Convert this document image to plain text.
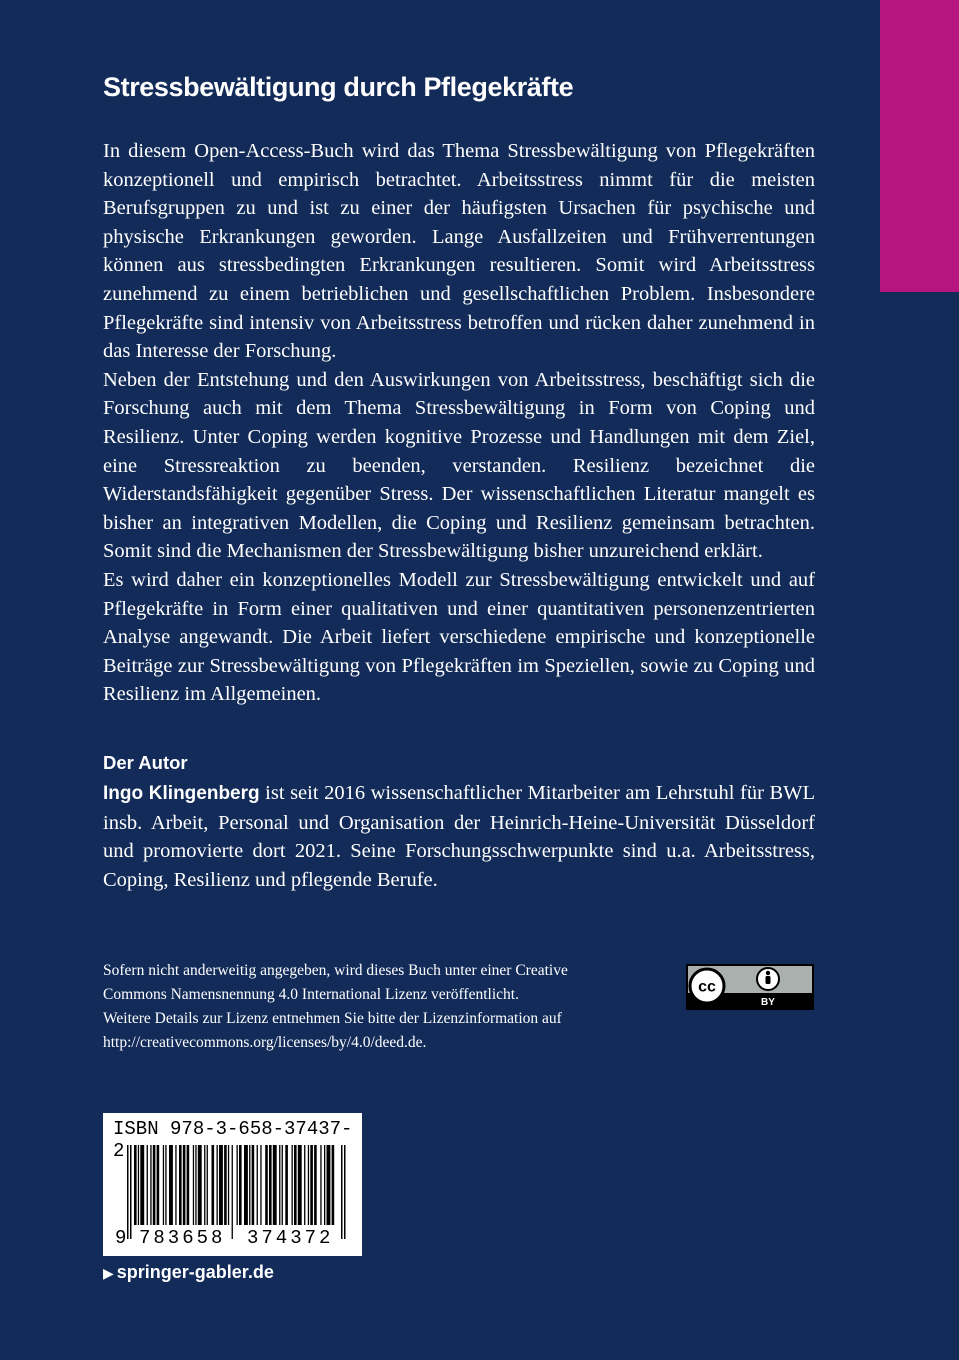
Stressbewältigung durch Pflegekräfte

In diesem Open-Access-Buch wird das Thema Stressbewältigung von Pflegekräften konzeptionell und empirisch betrachtet. Arbeitsstress nimmt für die meisten Berufsgruppen zu und ist zu einer der häufigsten Ursachen für psychische und physische Erkrankungen geworden. Lange Ausfallzeiten und Frühverrentungen können aus stressbedingten Erkrankungen resultieren. Somit wird Arbeitsstress zunehmend zu einem betrieblichen und gesellschaftlichen Problem. Insbesondere Pflegekräfte sind intensiv von Arbeitsstress betroffen und rücken daher zunehmend in das Interesse der Forschung.

Neben der Entstehung und den Auswirkungen von Arbeitsstress, beschäftigt sich die Forschung auch mit dem Thema Stressbewältigung in Form von Coping und Resilienz. Unter Coping werden kognitive Prozesse und Handlungen mit dem Ziel, eine Stressreaktion zu beenden, verstanden. Resilienz bezeichnet die Widerstandsfähigkeit gegenüber Stress. Der wissenschaftlichen Literatur mangelt es bisher an integrativen Modellen, die Coping und Resilienz gemeinsam betrachten. Somit sind die Mechanismen der Stressbewältigung bisher unzureichend erklärt.

Es wird daher ein konzeptionelles Modell zur Stressbewältigung entwickelt und auf Pflegekräfte in Form einer qualitativen und einer quantitativen personenzentrierten Analyse angewandt. Die Arbeit liefert verschiedene empirische und konzeptionelle Beiträge zur Stressbewältigung von Pflegekräften im Speziellen, sowie zu Coping und Resilienz im Allgemeinen.

Der Autor

Ingo Klingenberg ist seit 2016 wissenschaftlicher Mitarbeiter am Lehrstuhl für BWL insb. Arbeit, Personal und Organisation der Heinrich-Heine-Universität Düsseldorf und promovierte dort 2021. Seine Forschungsschwerpunkte sind u.a. Arbeitsstress, Coping, Resilienz und pflegende Berufe.

Sofern nicht anderweitig angegeben, wird dieses Buch unter einer Creative
Commons Namensnennung 4.0 International Lizenz veröffentlicht.
Weitere Details zur Lizenz entnehmen Sie bitte der Lizenzinformation auf
http://creativecommons.org/licenses/by/4.0/deed.de.
cc
BY
ISBN 978-3-658-37437-2
9 783658 374372
▶ springer-gabler.de
